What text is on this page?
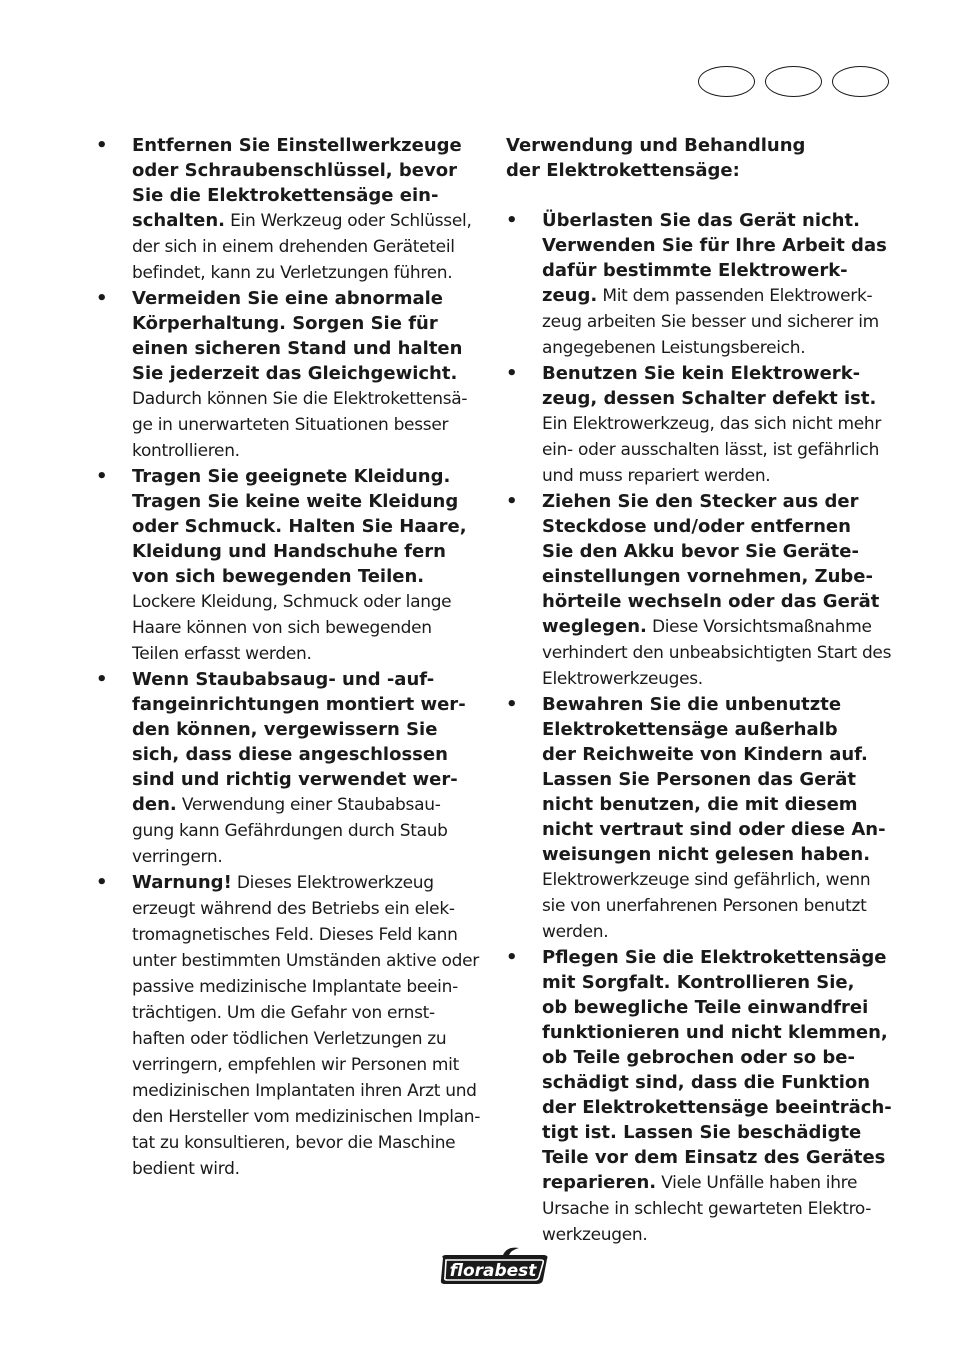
• Entfernen Sie Einstellwerkzeuge
oder Schraubenschlüssel, bevor
Sie die Elektrokettensäge ein-
schalten. Ein Werkzeug oder Schlüssel,
der sich in einem drehenden Geräteteil
befindet, kann zu Verletzungen führen.
• Vermeiden Sie eine abnormale
Körperhaltung. Sorgen Sie für
einen sicheren Stand und halten
Sie jederzeit das Gleichgewicht.
Dadurch können Sie die Elektrokettensä-
ge in unerwarteten Situationen besser
kontrollieren.
• Tragen Sie geeignete Kleidung.
Tragen Sie keine weite Kleidung
oder Schmuck. Halten Sie Haare,
Kleidung und Handschuhe fern
von sich bewegenden Teilen.
Lockere Kleidung, Schmuck oder lange
Haare können von sich bewegenden
Teilen erfasst werden.
• Wenn Staubabsaug- und -auf-
fangeinrichtungen montiert wer-
den können, vergewissern Sie
sich, dass diese angeschlossen
sind und richtig verwendet wer-
den. Verwendung einer Staubabsau-
gung kann Gefährdungen durch Staub
verringern.
• Warnung! Dieses Elektrowerkzeug
erzeugt während des Betriebs ein elek-
tromagnetisches Feld. Dieses Feld kann
unter bestimmten Umständen aktive oder
passive medizinische Implantate beein-
trächtigen. Um die Gefahr von ernst-
haften oder tödlichen Verletzungen zu
verringern, empfehlen wir Personen mit
medizinischen Implantaten ihren Arzt und
den Hersteller vom medizinischen Implan-
tat zu konsultieren, bevor die Maschine
bedient wird.
Verwendung und Behandlung
der Elektrokettensäge:
• Überlasten Sie das Gerät nicht.
Verwenden Sie für Ihre Arbeit das
dafür bestimmte Elektrowerk-
zeug. Mit dem passenden Elektrowerk-
zeug arbeiten Sie besser und sicherer im
angegebenen Leistungsbereich.
• Benutzen Sie kein Elektrowerk-
zeug, dessen Schalter defekt ist.
Ein Elektrowerkzeug, das sich nicht mehr
ein- oder ausschalten lässt, ist gefährlich
und muss repariert werden.
• Ziehen Sie den Stecker aus der
Steckdose und/oder entfernen
Sie den Akku bevor Sie Geräte-
einstellungen vornehmen, Zube-
hörteile wechseln oder das Gerät
weglegen. Diese Vorsichtsmaßnahme
verhindert den unbeabsichtigten Start des
Elektrowerkzeuges.
• Bewahren Sie die unbenutzte
Elektrokettensäge außerhalb
der Reichweite von Kindern auf.
Lassen Sie Personen das Gerät
nicht benutzen, die mit diesem
nicht vertraut sind oder diese An-
weisungen nicht gelesen haben.
Elektrowerkzeuge sind gefährlich, wenn
sie von unerfahrenen Personen benutzt
werden.
• Pflegen Sie die Elektrokettensäge
mit Sorgfalt. Kontrollieren Sie,
ob bewegliche Teile einwandfrei
funktionieren und nicht klemmen,
ob Teile gebrochen oder so be-
schädigt sind, dass die Funktion
der Elektrokettensäge beeinträch-
tigt ist. Lassen Sie beschädigte
Teile vor dem Einsatz des Gerätes
reparieren. Viele Unfälle haben ihre
Ursache in schlecht gewarteten Elektro-
werkzeugen.
florabest
